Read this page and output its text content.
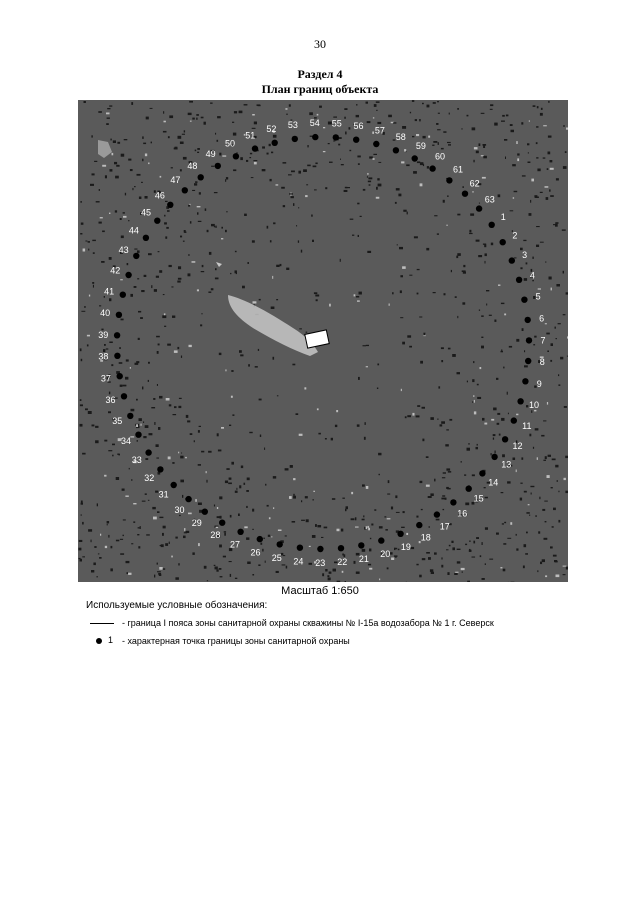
30
Раздел 4
План границ объекта
1
2
3
4
5
6
7
8
9
10
11
12
13
14
15
16
17
18
19
20
21
22
23
24
25
26
27
28
29
30
31
32
33
34
35
36
37
38
39
40
41
42
43
44
45
46
47
48
49
50
51
52 53 54 55 56 57
58
59
60
61
62
63
Масштаб 1:650
Используемые условные обозначения:
- граница I пояса зоны санитарной охраны скважины № I-15а водозабора № 1 г. Северск
1 - характерная точка границы зоны санитарной охраны
